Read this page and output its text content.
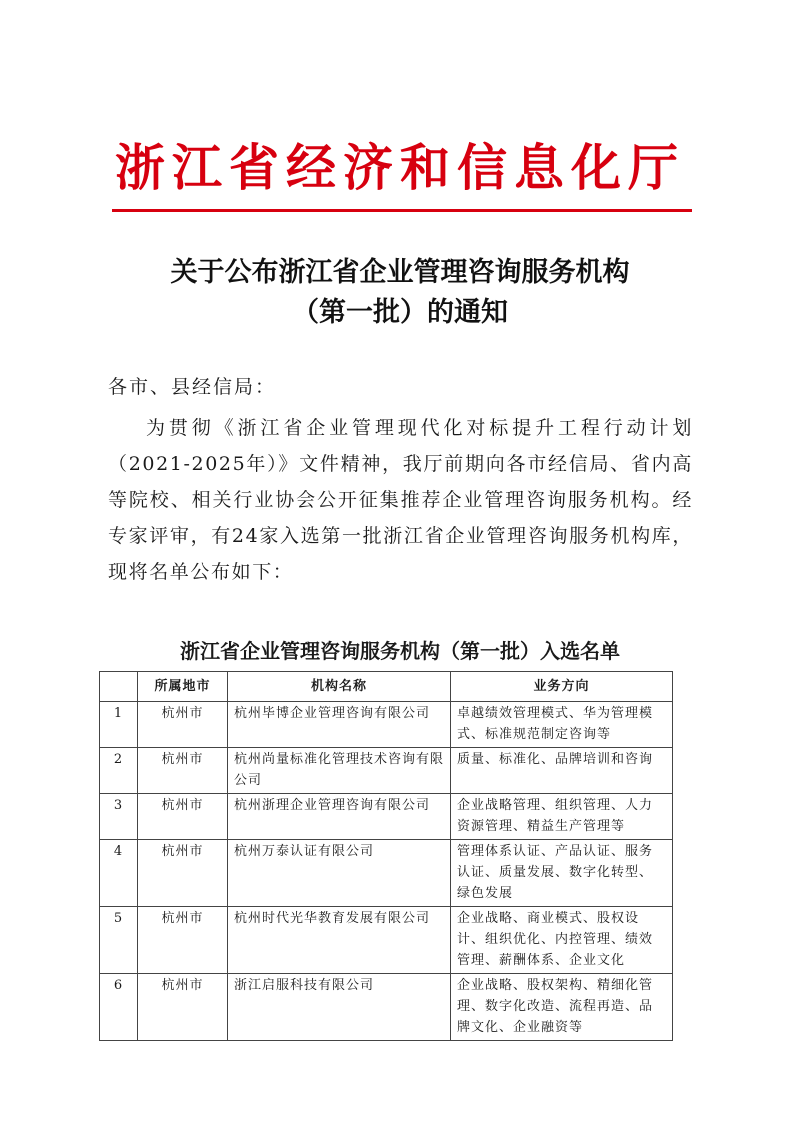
浙江省经济和信息化厅
关于公布浙江省企业管理咨询服务机构
（第一批）的通知
各市、县经信局：
为贯彻《浙江省企业管理现代化对标提升工程行动计划（2021-2025年）》文件精神，我厅前期向各市经信局、省内高等院校、相关行业协会公开征集推荐企业管理咨询服务机构。经专家评审，有24家入选第一批浙江省企业管理咨询服务机构库，现将名单公布如下：
浙江省企业管理咨询服务机构（第一批）入选名单
	所属地市	机构名称	业务方向
1	杭州市	杭州毕博企业管理咨询有限公司	卓越绩效管理模式、华为管理模式、标准规范制定咨询等
2	杭州市	杭州尚量标准化管理技术咨询有限公司	质量、标准化、品牌培训和咨询
3	杭州市	杭州浙理企业管理咨询有限公司	企业战略管理、组织管理、人力资源管理、精益生产管理等
4	杭州市	杭州万泰认证有限公司	管理体系认证、产品认证、服务认证、质量发展、数字化转型、绿色发展
5	杭州市	杭州时代光华教育发展有限公司	企业战略、商业模式、股权设计、组织优化、内控管理、绩效管理、薪酬体系、企业文化
6	杭州市	浙江启服科技有限公司	企业战略、股权架构、精细化管理、数字化改造、流程再造、品牌文化、企业融资等
